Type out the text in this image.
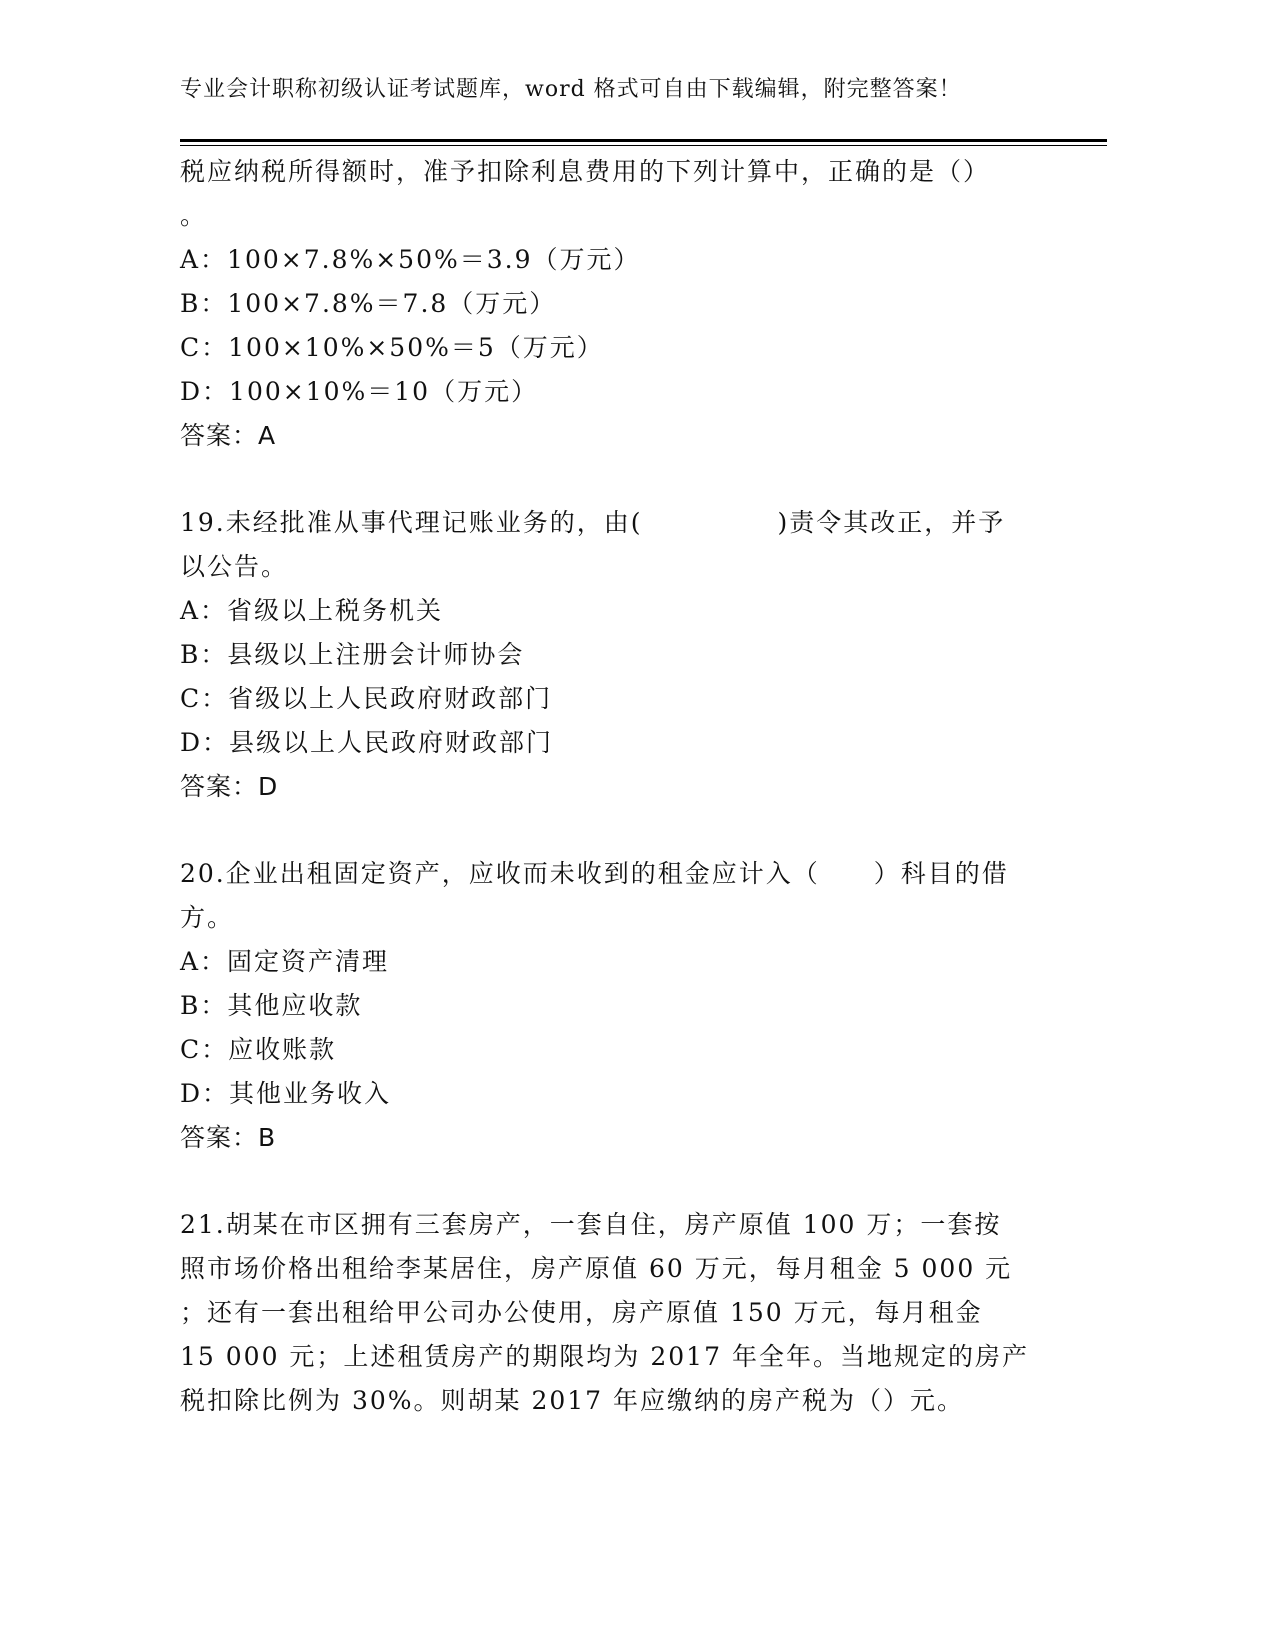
专业会计职称初级认证考试题库，word 格式可自由下载编辑，附完整答案！
税应纳税所得额时，准予扣除利息费用的下列计算中，正确的是（）
。
A：100×7.8%×50%＝3.9（万元）
B：100×7.8%＝7.8（万元）
C：100×10%×50%＝5（万元）
D：100×10%＝10（万元）
答案：A
19.未经批准从事代理记账业务的，由(　　　　　)责令其改正，并予
以公告。
A：省级以上税务机关
B：县级以上注册会计师协会
C：省级以上人民政府财政部门
D：县级以上人民政府财政部门
答案：D
20.企业出租固定资产，应收而未收到的租金应计入（　　）科目的借
方。
A：固定资产清理
B：其他应收款
C：应收账款
D：其他业务收入
答案：B
21.胡某在市区拥有三套房产，一套自住，房产原值 100 万；一套按
照市场价格出租给李某居住，房产原值 60 万元，每月租金 5 000 元
；还有一套出租给甲公司办公使用，房产原值 150 万元，每月租金
15 000 元；上述租赁房产的期限均为 2017 年全年。当地规定的房产
税扣除比例为 30%。则胡某 2017 年应缴纳的房产税为（）元。
